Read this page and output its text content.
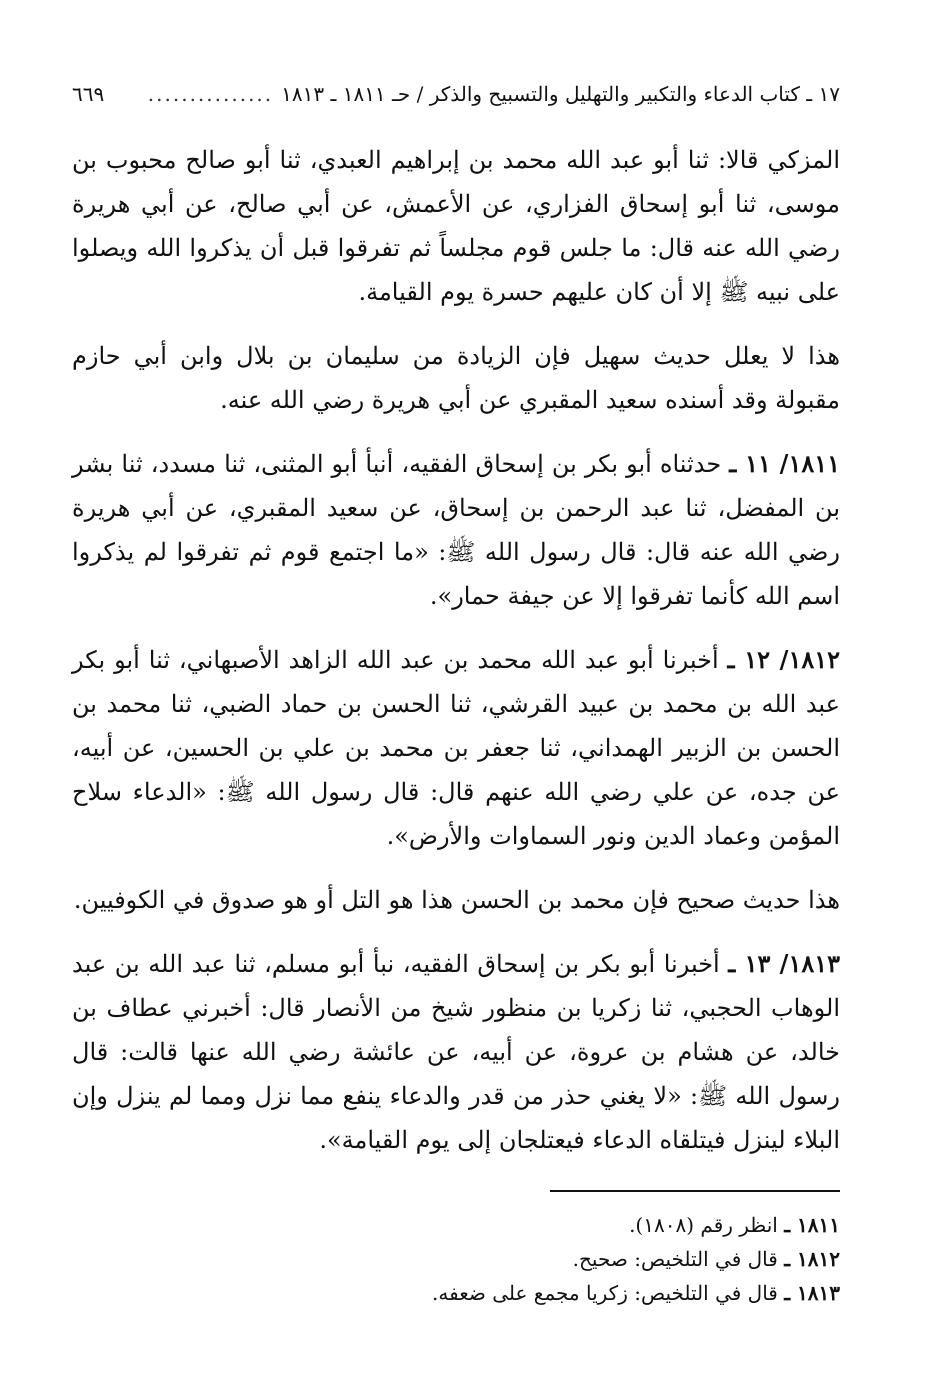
١٧ ـ كتاب الدعاء والتكبير والتهليل والتسبيح والذكر / حـ ١٨١١ ـ ١٨١٣
...............
٦٦٩

المزكي قالا: ثنا أبو عبد الله محمد بن إبراهيم العبدي، ثنا أبو صالح محبوب بن موسى، ثنا أبو إسحاق الفزاري، عن الأعمش، عن أبي صالح، عن أبي هريرة رضي الله عنه قال: ما جلس قوم مجلساً ثم تفرقوا قبل أن يذكروا الله ويصلوا على نبيه ﷺ إلا أن كان عليهم حسرة يوم القيامة.

هذا لا يعلل حديث سهيل فإن الزيادة من سليمان بن بلال وابن أبي حازم مقبولة وقد أسنده سعيد المقبري عن أبي هريرة رضي الله عنه.

١٨١١/ ١١ ـ حدثناه أبو بكر بن إسحاق الفقيه، أنبأ أبو المثنى، ثنا مسدد، ثنا بشر بن المفضل، ثنا عبد الرحمن بن إسحاق، عن سعيد المقبري، عن أبي هريرة رضي الله عنه قال: قال رسول الله ﷺ: «ما اجتمع قوم ثم تفرقوا لم يذكروا اسم الله كأنما تفرقوا إلا عن جيفة حمار».

١٨١٢/ ١٢ ـ أخبرنا أبو عبد الله محمد بن عبد الله الزاهد الأصبهاني، ثنا أبو بكر عبد الله بن محمد بن عبيد القرشي، ثنا الحسن بن حماد الضبي، ثنا محمد بن الحسن بن الزبير الهمداني، ثنا جعفر بن محمد بن علي بن الحسين، عن أبيه، عن جده، عن علي رضي الله عنهم قال: قال رسول الله ﷺ: «الدعاء سلاح المؤمن وعماد الدين ونور السماوات والأرض».

هذا حديث صحيح فإن محمد بن الحسن هذا هو التل أو هو صدوق في الكوفيين.

١٨١٣/ ١٣ ـ أخبرنا أبو بكر بن إسحاق الفقيه، نبأ أبو مسلم، ثنا عبد الله بن عبد الوهاب الحجبي، ثنا زكريا بن منظور شيخ من الأنصار قال: أخبرني عطاف بن خالد، عن هشام بن عروة، عن أبيه، عن عائشة رضي الله عنها قالت: قال رسول الله ﷺ: «لا يغني حذر من قدر والدعاء ينفع مما نزل ومما لم ينزل وإن البلاء لينزل فيتلقاه الدعاء فيعتلجان إلى يوم القيامة».

١٨١١ ـ انظر رقم (١٨٠٨).
١٨١٢ ـ قال في التلخيص: صحيح.
١٨١٣ ـ قال في التلخيص: زكريا مجمع على ضعفه.
